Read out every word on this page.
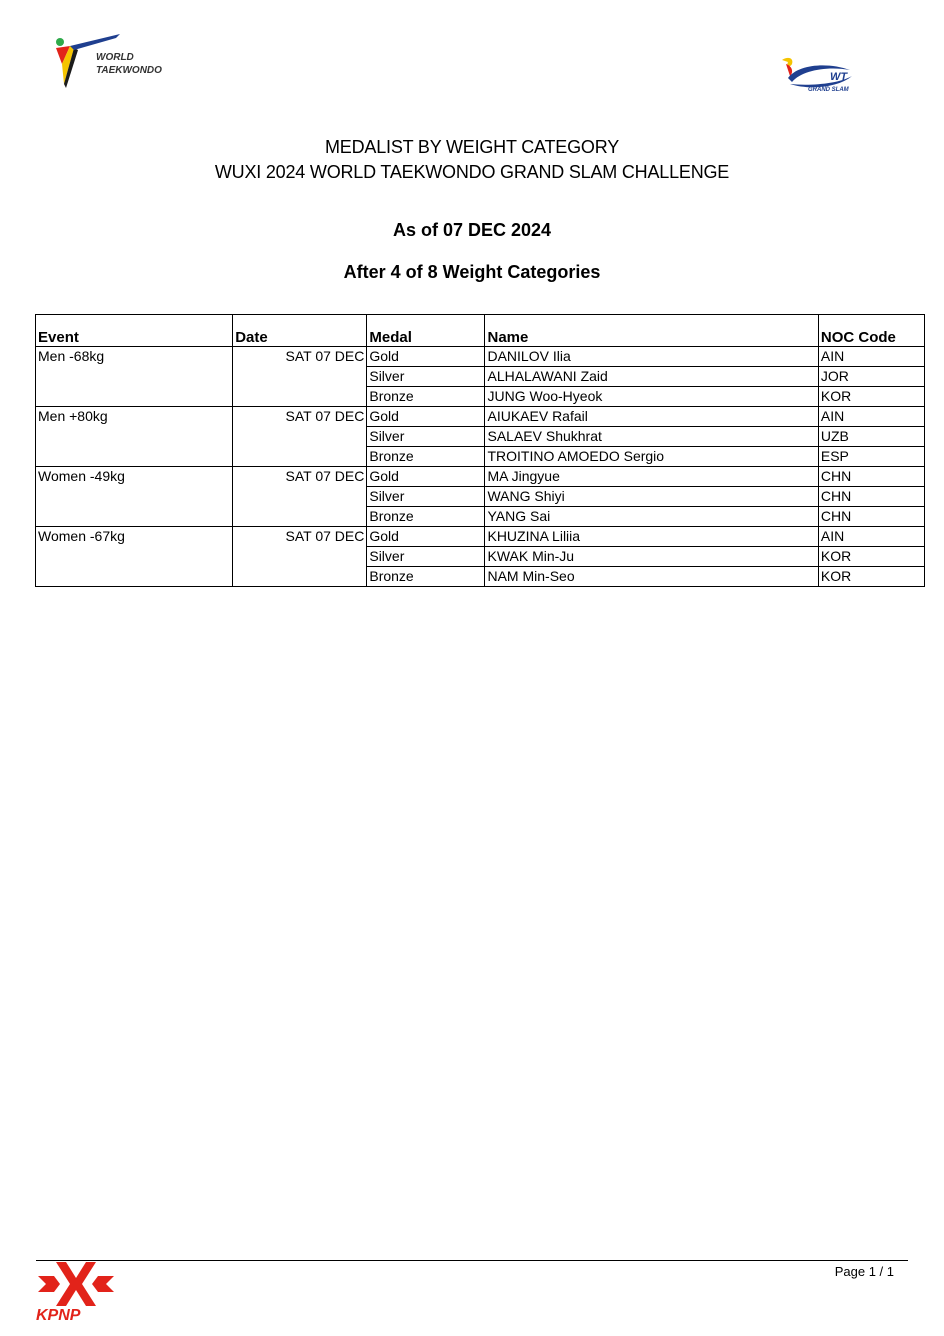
WORLD
TAEKWONDO
WT
GRAND SLAM
MEDALIST BY WEIGHT CATEGORY
WUXI 2024 WORLD TAEKWONDO GRAND SLAM CHALLENGE
As of 07 DEC 2024
After 4 of 8 Weight Categories
Event	Date	Medal	Name	NOC Code
Men -68kg	SAT 07 DEC	Gold	DANILOV Ilia	AIN
		Silver	ALHALAWANI Zaid	JOR
		Bronze	JUNG Woo-Hyeok	KOR
Men +80kg	SAT 07 DEC	Gold	AIUKAEV Rafail	AIN
		Silver	SALAEV Shukhrat	UZB
		Bronze	TROITINO AMOEDO Sergio	ESP
Women -49kg	SAT 07 DEC	Gold	MA Jingyue	CHN
		Silver	WANG Shiyi	CHN
		Bronze	YANG Sai	CHN
Women -67kg	SAT 07 DEC	Gold	KHUZINA Liliia	AIN
		Silver	KWAK Min-Ju	KOR
		Bronze	NAM Min-Seo	KOR
Page 1 / 1
KPNP
